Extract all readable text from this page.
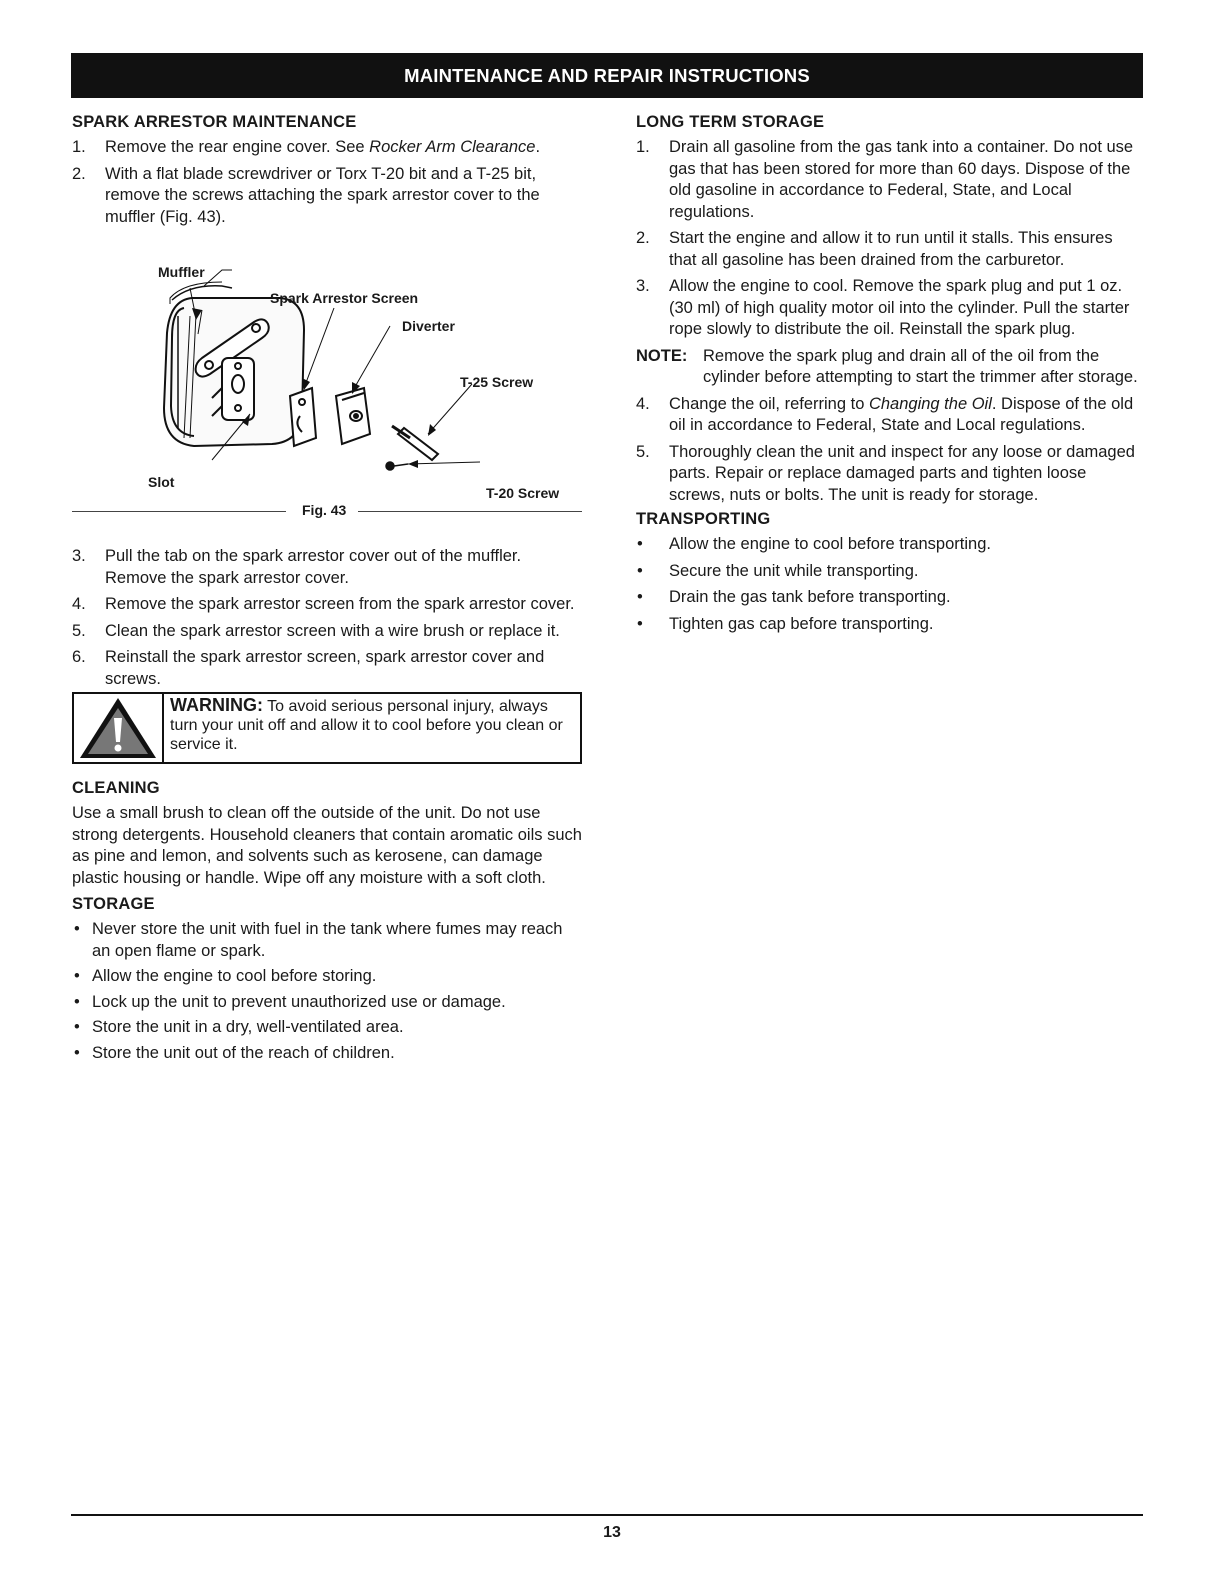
MAINTENANCE AND REPAIR INSTRUCTIONS
SPARK ARRESTOR MAINTENANCE
1. Remove the rear engine cover. See Rocker Arm Clearance.
2. With a flat blade screwdriver or Torx T-20 bit and a T-25 bit, remove the screws attaching the spark arrestor cover to the muffler (Fig. 43).
Muffler
Spark Arrestor Screen
Diverter
T-25 Screw
Slot
T-20 Screw
Fig. 43
3. Pull the tab on the spark arrestor cover out of the muffler. Remove the spark arrestor cover.
4. Remove the spark arrestor screen from the spark arrestor cover.
5. Clean the spark arrestor screen with a wire brush or replace it.
6. Reinstall the spark arrestor screen, spark arrestor cover and screws.
WARNING: To avoid serious personal injury, always turn your unit off and allow it to cool before you clean or service it.
CLEANING

Use a small brush to clean off the outside of the unit. Do not use strong detergents. Household cleaners that contain aromatic oils such as pine and lemon, and solvents such as kerosene, can damage plastic housing or handle. Wipe off any moisture with a soft cloth.

STORAGE
• Never store the unit with fuel in the tank where fumes may reach an open flame or spark.
• Allow the engine to cool before storing.
• Lock up the unit to prevent unauthorized use or damage.
• Store the unit in a dry, well-ventilated area.
• Store the unit out of the reach of children.
LONG TERM STORAGE
1. Drain all gasoline from the gas tank into a container. Do not use gas that has been stored for more than 60 days. Dispose of the old gasoline in accordance to Federal, State, and Local regulations.
2. Start the engine and allow it to run until it stalls. This ensures that all gasoline has been drained from the carburetor.
3. Allow the engine to cool. Remove the spark plug and put 1 oz. (30 ml) of high quality motor oil into the cylinder. Pull the starter rope slowly to distribute the oil. Reinstall the spark plug.
NOTE: Remove the spark plug and drain all of the oil from the cylinder before attempting to start the trimmer after storage.
4. Change the oil, referring to Changing the Oil. Dispose of the old oil in accordance to Federal, State and Local regulations.
5. Thoroughly clean the unit and inspect for any loose or damaged parts. Repair or replace damaged parts and tighten loose screws, nuts or bolts. The unit is ready for storage.
TRANSPORTING
• Allow the engine to cool before transporting.
• Secure the unit while transporting.
• Drain the gas tank before transporting.
• Tighten gas cap before transporting.
13
